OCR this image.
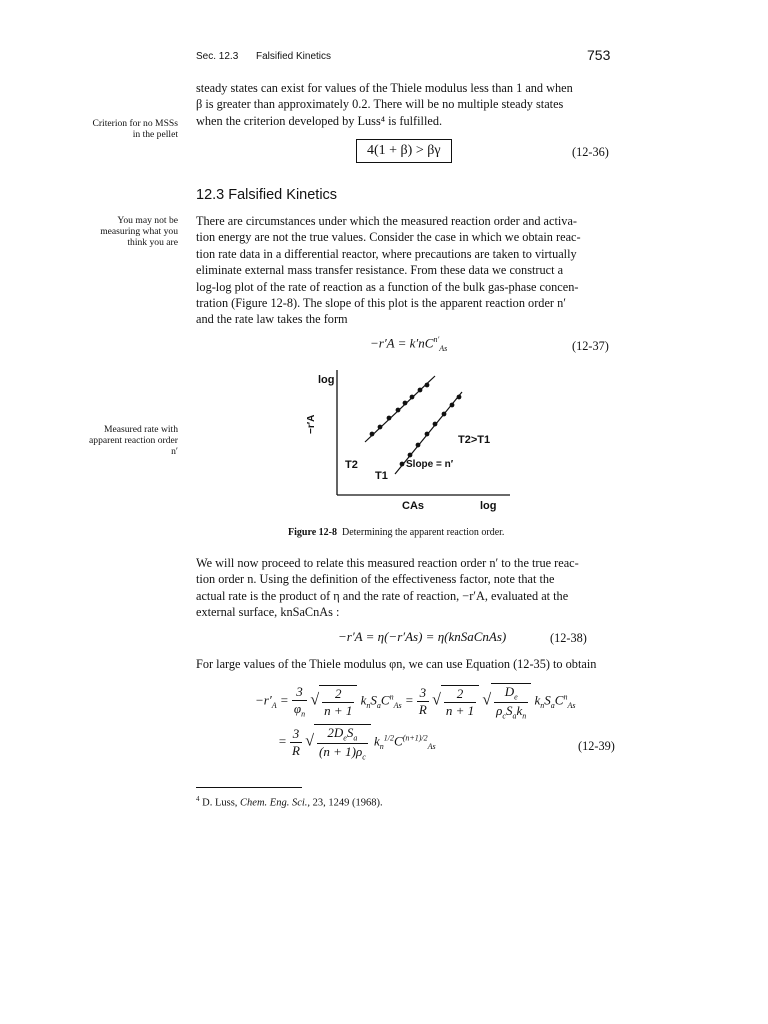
Sec. 12.3 Falsified Kinetics	753
steady states can exist for values of the Thiele modulus less than 1 and when
β is greater than approximately 0.2. There will be no multiple steady states
when the criterion developed by Luss⁴ is fulfilled.
Criterion for no MSSs in the pellet
4(1 + β) > βγ	(12-36)
12.3 Falsified Kinetics
There are circumstances under which the measured reaction order and activa-
tion energy are not the true values. Consider the case in which we obtain reac-
tion rate data in a differential reactor, where precautions are taken to virtually
eliminate external mass transfer resistance. From these data we construct a
log-log plot of the rate of reaction as a function of the bulk gas-phase concen-
tration (Figure 12-8). The slope of this plot is the apparent reaction order n′
and the rate law takes the form
You may not be measuring what you think you are
$-r'A = k'nC^{n'}_{As}$	(12-37)
Measured rate with apparent reaction order n′
log
−r′A
T2
T1
T2>T1
Slope = n′
CAs	log
Figure 12-8 Determining the apparent reaction order.
We will now proceed to relate this measured reaction order n′ to the true reac-
tion order n. Using the definition of the effectiveness factor, note that the
actual rate is the product of η and the rate of reaction, −r′A, evaluated at the
external surface, knSaCnAs :
−r′A = η(−r′As) = η(knSaCnAs)	(12-38)
For large values of the Thiele modulus φn, we can use Equation (12-35) to obtain
$-r'_A = \frac{3}{\varphi_n}$ √ $\frac{2}{n + 1} k_nS_aC^n_{As} = \frac{3}{R}$ √ $\frac{2}{n + 1}$ √ $\frac{D_e}{\rho_cS_ak_n} k_nS_aC^n_{As}$
= $\frac{3}{R}$ √ $\frac{2D_eS_a}{(n + 1)\rho_c} k_n^{1/2}C^{(n+1)/2}_{As}$	(12-39)
$^4$ D. Luss, Chem. Eng. Sci., 23, 1249 (1968).
